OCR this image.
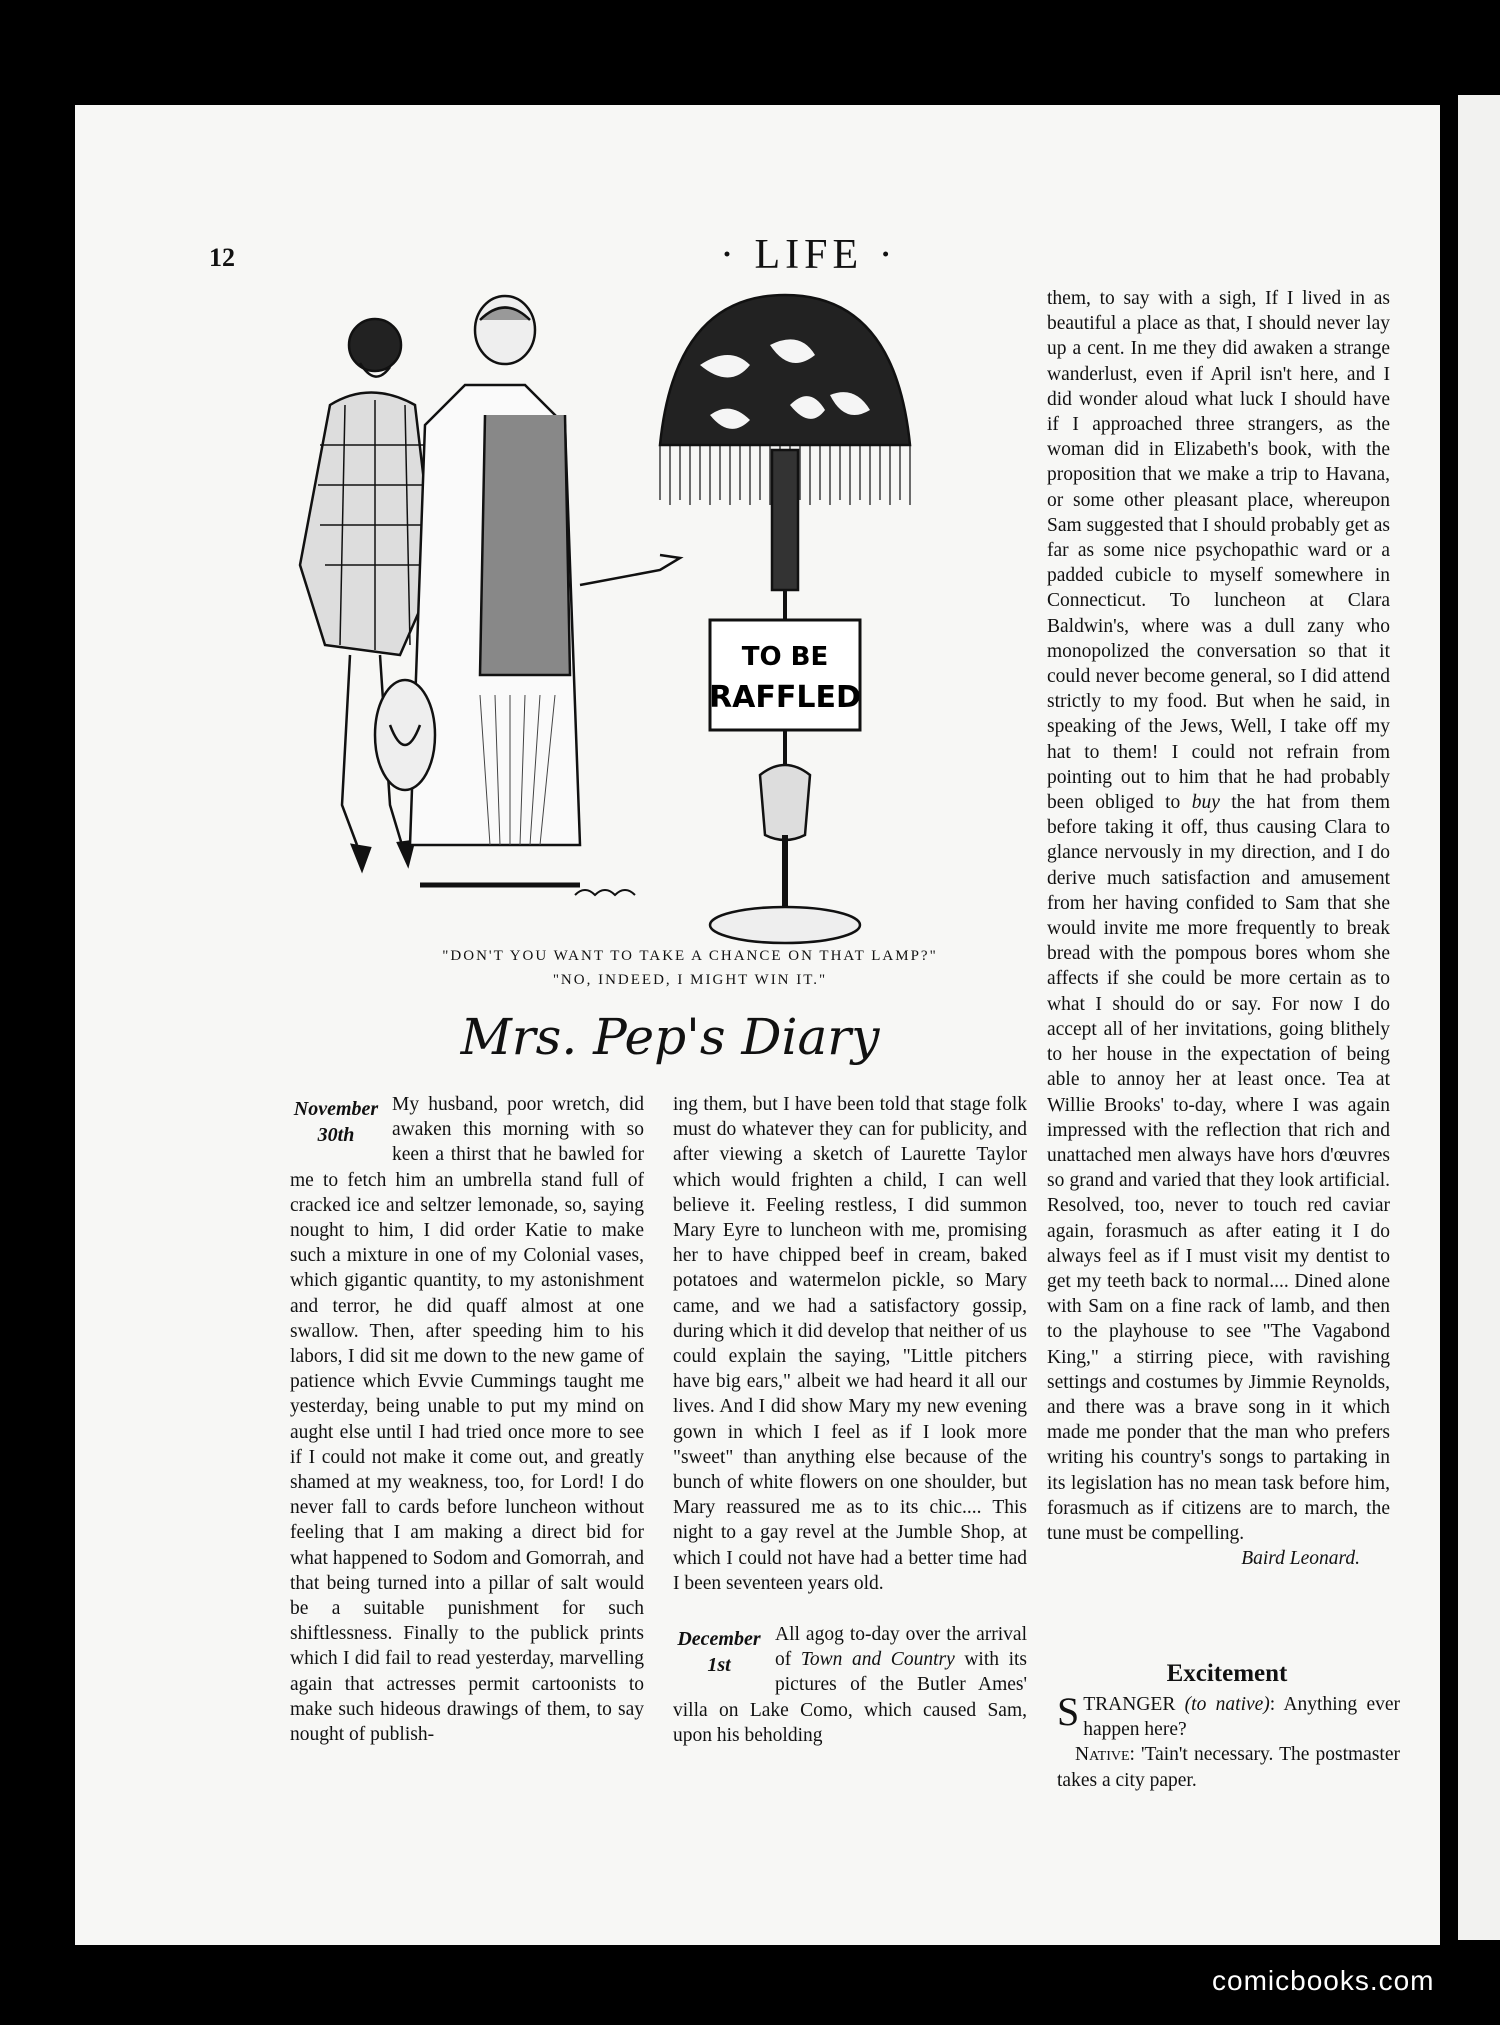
12	· LIFE ·
TO BE
RAFFLED
"DON'T YOU WANT TO TAKE A CHANCE ON THAT LAMP?"
"NO, INDEED, I MIGHT WIN IT."
Mrs. Pep's Diary
November
30th

My husband, poor wretch, did awaken this morning with so keen a thirst that he bawled for me to fetch him an umbrella stand full of cracked ice and seltzer lemonade, so, saying nought to him, I did order Katie to make such a mixture in one of my Colonial vases, which gigantic quantity, to my astonishment and terror, he did quaff almost at one swallow. Then, after speeding him to his labors, I did sit me down to the new game of patience which Evvie Cummings taught me yesterday, being unable to put my mind on aught else until I had tried once more to see if I could not make it come out, and greatly shamed at my weakness, too, for Lord! I do never fall to cards before luncheon without feeling that I am making a direct bid for what happened to Sodom and Gomorrah, and that being turned into a pillar of salt would be a suitable punishment for such shiftlessness. Finally to the publick prints which I did fail to read yesterday, marvelling again that actresses permit cartoonists to make such hideous drawings of them, to say nought of publish-

ing them, but I have been told that stage folk must do whatever they can for publicity, and after viewing a sketch of Laurette Taylor which would frighten a child, I can well believe it. Feeling restless, I did summon Mary Eyre to luncheon with me, promising her to have chipped beef in cream, baked potatoes and watermelon pickle, so Mary came, and we had a satisfactory gossip, during which it did develop that neither of us could explain the saying, "Little pitchers have big ears," albeit we had heard it all our lives. And I did show Mary my new evening gown in which I feel as if I look more "sweet" than anything else because of the bunch of white flowers on one shoulder, but Mary reassured me as to its chic.... This night to a gay revel at the Jumble Shop, at which I could not have had a better time had I been seventeen years old.

December
1st

All agog to-day over the arrival of Town and Country with its pictures of the Butler Ames' villa on Lake Como, which caused Sam, upon his beholding

them, to say with a sigh, If I lived in as beautiful a place as that, I should never lay up a cent. In me they did awaken a strange wanderlust, even if April isn't here, and I did wonder aloud what luck I should have if I approached three strangers, as the woman did in Elizabeth's book, with the proposition that we make a trip to Havana, or some other pleasant place, whereupon Sam suggested that I should probably get as far as some nice psychopathic ward or a padded cubicle to myself somewhere in Connecticut. To luncheon at Clara Baldwin's, where was a dull zany who monopolized the conversation so that it could never become general, so I did attend strictly to my food. But when he said, in speaking of the Jews, Well, I take off my hat to them! I could not refrain from pointing out to him that he had probably been obliged to buy the hat from them before taking it off, thus causing Clara to glance nervously in my direction, and I do derive much satisfaction and amusement from her having confided to Sam that she would invite me more frequently to break bread with the pompous bores whom she affects if she could be more certain as to what I should do or say. For now I do accept all of her invitations, going blithely to her house in the expectation of being able to annoy her at least once. Tea at Willie Brooks' to-day, where I was again impressed with the reflection that rich and unattached men always have hors d'œuvres so grand and varied that they look artificial. Resolved, too, never to touch red caviar again, forasmuch as after eating it I do always feel as if I must visit my dentist to get my teeth back to normal.... Dined alone with Sam on a fine rack of lamb, and then to the playhouse to see "The Vagabond King," a stirring piece, with ravishing settings and costumes by Jimmie Reynolds, and there was a brave song in it which made me ponder that the man who prefers writing his country's songs to partaking in its legislation has no mean task before him, forasmuch as if citizens are to march, the tune must be compelling.

Baird Leonard.

Excitement

STRANGER (to native): Anything ever happen here?

Native: 'Tain't necessary. The postmaster takes a city paper.

comicbooks.com
